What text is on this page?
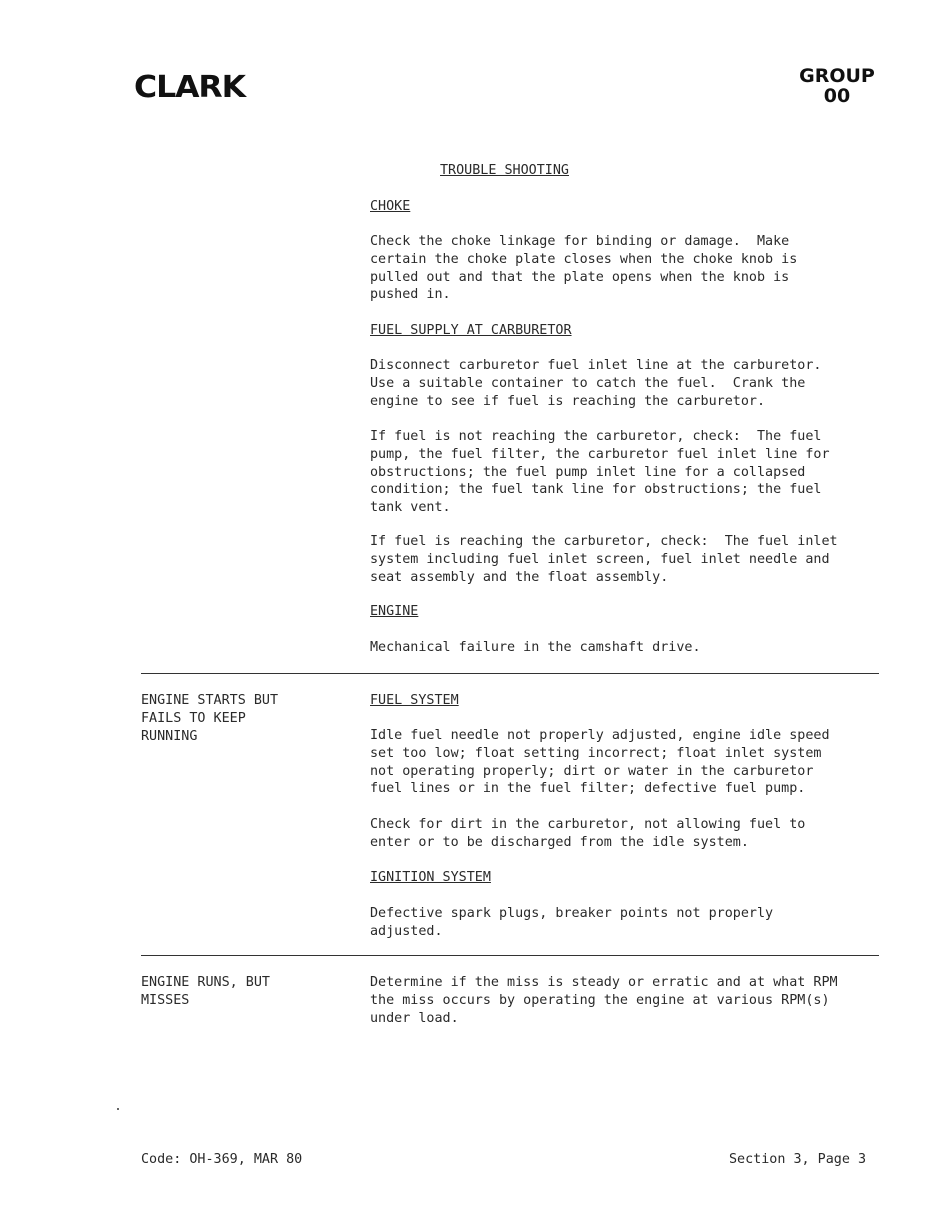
CLARK	GROUP
00
TROUBLE SHOOTING
CHOKE
Check the choke linkage for binding or damage.  Make
certain the choke plate closes when the choke knob is
pulled out and that the plate opens when the knob is
pushed in.
FUEL SUPPLY AT CARBURETOR
Disconnect carburetor fuel inlet line at the carburetor.
Use a suitable container to catch the fuel.  Crank the
engine to see if fuel is reaching the carburetor.
If fuel is not reaching the carburetor, check:  The fuel
pump, the fuel filter, the carburetor fuel inlet line for
obstructions; the fuel pump inlet line for a collapsed
condition; the fuel tank line for obstructions; the fuel
tank vent.
If fuel is reaching the carburetor, check:  The fuel inlet
system including fuel inlet screen, fuel inlet needle and
seat assembly and the float assembly.
ENGINE
Mechanical failure in the camshaft drive.
ENGINE STARTS BUT
FAILS TO KEEP
RUNNING
FUEL SYSTEM
Idle fuel needle not properly adjusted, engine idle speed
set too low; float setting incorrect; float inlet system
not operating properly; dirt or water in the carburetor
fuel lines or in the fuel filter; defective fuel pump.
Check for dirt in the carburetor, not allowing fuel to
enter or to be discharged from the idle system.
IGNITION SYSTEM
Defective spark plugs, breaker points not properly
adjusted.
ENGINE RUNS, BUT
MISSES
Determine if the miss is steady or erratic and at what RPM
the miss occurs by operating the engine at various RPM(s)
under load.
Code: OH-369, MAR 80	Section 3, Page 3
